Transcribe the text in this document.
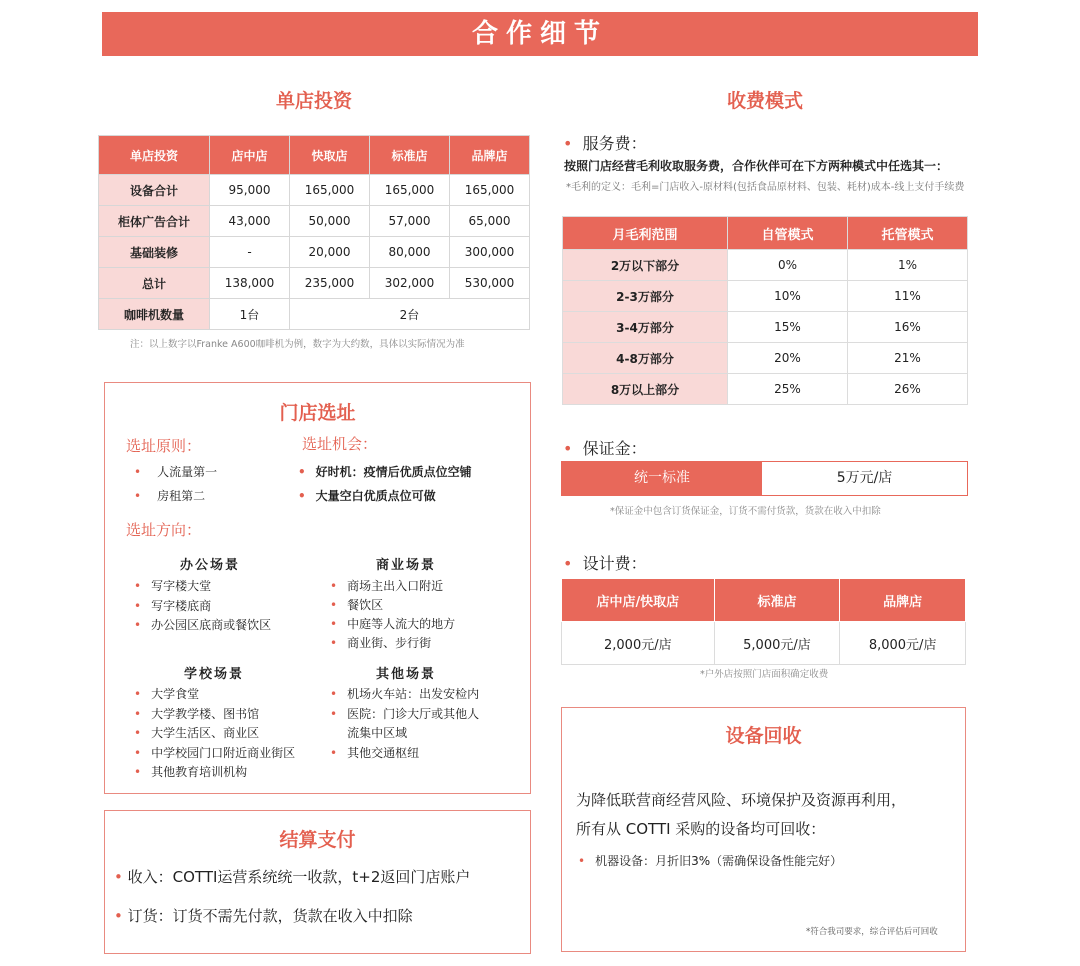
合作细节
单店投资
单店投资	店中店	快取店	标准店	品牌店
设备合计	95,000	165,000	165,000	165,000
柜体广告合计	43,000	50,000	57,000	65,000
基础装修	-	20,000	80,000	300,000
总计	138,000	235,000	302,000	530,000
咖啡机数量	1台	2台		
注：以上数字以Franke A600咖啡机为例，数字为大约数，具体以实际情况为准
门店选址
选址原则：	选址机会：
• 人流量第一
• 房租第二
• 好时机：疫情后优质点位空铺
• 大量空白优质点位可做
选址方向：
办公场景	商业场景
• 写字楼大堂
• 写字楼底商
• 办公园区底商或餐饮区
• 商场主出入口附近
• 餐饮区
• 中庭等人流大的地方
• 商业街、步行街
学校场景	其他场景
• 大学食堂
• 大学教学楼、图书馆
• 大学生活区、商业区
• 中学校园门口附近商业街区
• 其他教育培训机构
• 机场火车站：出发安检内
• 医院：门诊大厅或其他人
流集中区域
• 其他交通枢纽
结算支付
• 收入：COTTI运营系统统一收款，t+2返回门店账户
• 订货：订货不需先付款，货款在收入中扣除
收费模式
• 服务费：
按照门店经营毛利收取服务费，合作伙伴可在下方两种模式中任选其一：
*毛利的定义：毛利=门店收入-原材料(包括食品原材料、包装、耗材)成本-线上支付手续费
月毛利范围	自管模式	托管模式
2万以下部分	0%	1%
2-3万部分	10%	11%
3-4万部分	15%	16%
4-8万部分	20%	21%
8万以上部分	25%	26%
• 保证金：
统一标准	5万元/店
*保证金中包含订货保证金，订货不需付货款，货款在收入中扣除
• 设计费：
店中店/快取店	标准店	品牌店
2,000元/店	5,000元/店	8,000元/店
*户外店按照门店面积确定收费
设备回收
为降低联营商经营风险、环境保护及资源再利用，
所有从 COTTI 采购的设备均可回收：
• 机器设备：月折旧3%（需确保设备性能完好）
*符合我司要求，综合评估后可回收
